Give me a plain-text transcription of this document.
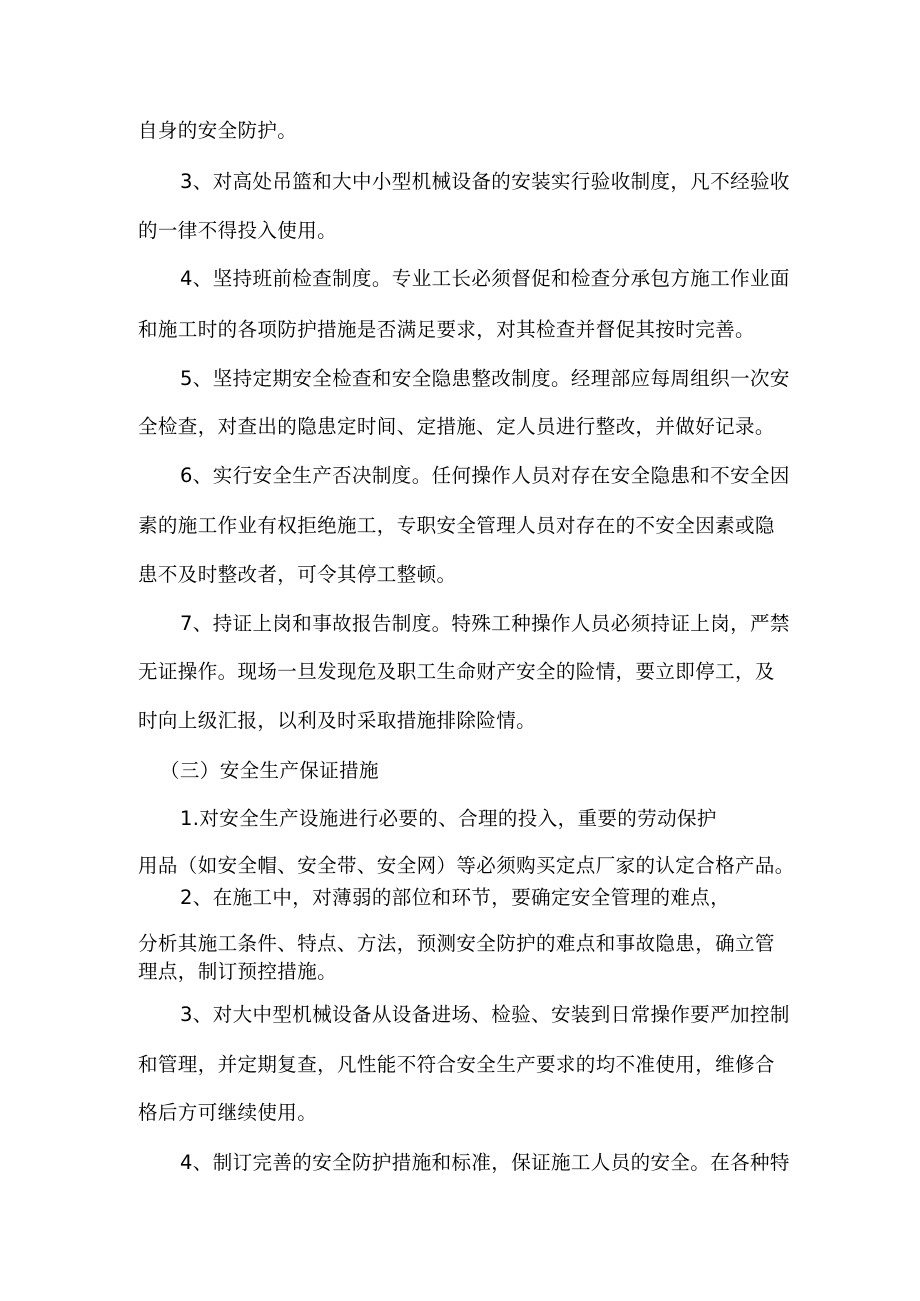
自身的安全防护。
3、对高处吊篮和大中小型机械设备的安装实行验收制度，凡不经验收
的一律不得投入使用。
4、坚持班前检查制度。专业工长必须督促和检查分承包方施工作业面
和施工时的各项防护措施是否满足要求，对其检查并督促其按时完善。
5、坚持定期安全检查和安全隐患整改制度。经理部应每周组织一次安
全检查，对查出的隐患定时间、定措施、定人员进行整改，并做好记录。
6、实行安全生产否决制度。任何操作人员对存在安全隐患和不安全因
素的施工作业有权拒绝施工，专职安全管理人员对存在的不安全因素或隐
患不及时整改者，可令其停工整顿。
7、持证上岗和事故报告制度。特殊工种操作人员必须持证上岗，严禁
无证操作。现场一旦发现危及职工生命财产安全的险情，要立即停工，及
时向上级汇报，以利及时采取措施排除险情。
（三）安全生产保证措施
1.对安全生产设施进行必要的、合理的投入，重要的劳动保护
用品（如安全帽、安全带、安全网）等必须购买定点厂家的认定合格产品。
2、在施工中，对薄弱的部位和环节，要确定安全管理的难点，
分析其施工条件、特点、方法，预测安全防护的难点和事故隐患，确立管
理点，制订预控措施。
3、对大中型机械设备从设备进场、检验、安装到日常操作要严加控制
和管理，并定期复查，凡性能不符合安全生产要求的均不准使用，维修合
格后方可继续使用。
4、制订完善的安全防护措施和标准，保证施工人员的安全。在各种特
